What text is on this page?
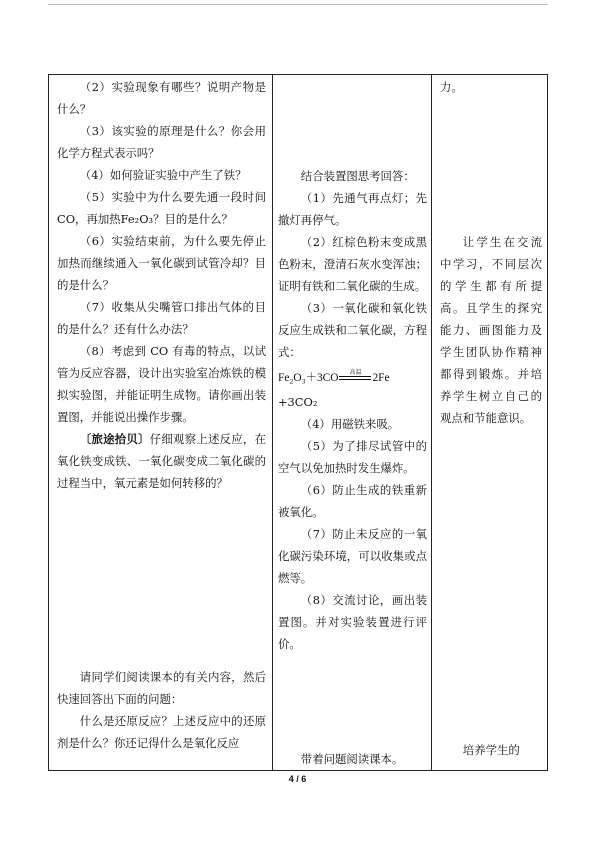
（2）实验现象有哪些？说明产物是什么？

（3）该实验的原理是什么？你会用化学方程式表示吗？

（4）如何验证实验中产生了铁？

（5）实验中为什么要先通一段时间CO，再加热Fe₂O₃？目的是什么？

（6）实验结束前，为什么要先停止加热而继续通入一氧化碳到试管冷却？目的是什么？

（7）收集从尖嘴管口排出气体的目的是什么？还有什么办法？

（8）考虑到 CO 有毒的特点，以试管为反应容器，设计出实验室冶炼铁的模拟实验图，并能证明生成物。请你画出装置图，并能说出操作步骤。

〔旅途拾贝〕仔细观察上述反应，在氧化铁变成铁、一氧化碳变成二氧化碳的过程当中，氧元素是如何转移的？

请同学们阅读课本的有关内容，然后快速回答出下面的问题：

什么是还原反应？上述反应中的还原剂是什么？你还记得什么是氧化反应

结合装置图思考回答：

（1）先通气再点灯；先撤灯再停气。

（2）红棕色粉末变成黑色粉末，澄清石灰水变浑浊；证明有铁和二氧化碳的生成。

（3）一氧化碳和氧化铁反应生成铁和二氧化碳，方程式：

Fe₂O₃＋3CO 高温 2Fe

+3CO₂

（4）用磁铁来吸。

（5）为了排尽试管中的空气以免加热时发生爆炸。

（6）防止生成的铁重新被氧化。

（7）防止未反应的一氧化碳污染环境，可以收集或点燃等。

（8）交流讨论，画出装置图。并对实验装置进行评价。

带着问题阅读课本。

力。

让学生在交流中学习，不同层次的学生都有所提高。且学生的探究能力、画图能力及学生团队协作精神都得到锻炼。并培养学生树立自己的观点和节能意识。

培养学生的

4 / 6
